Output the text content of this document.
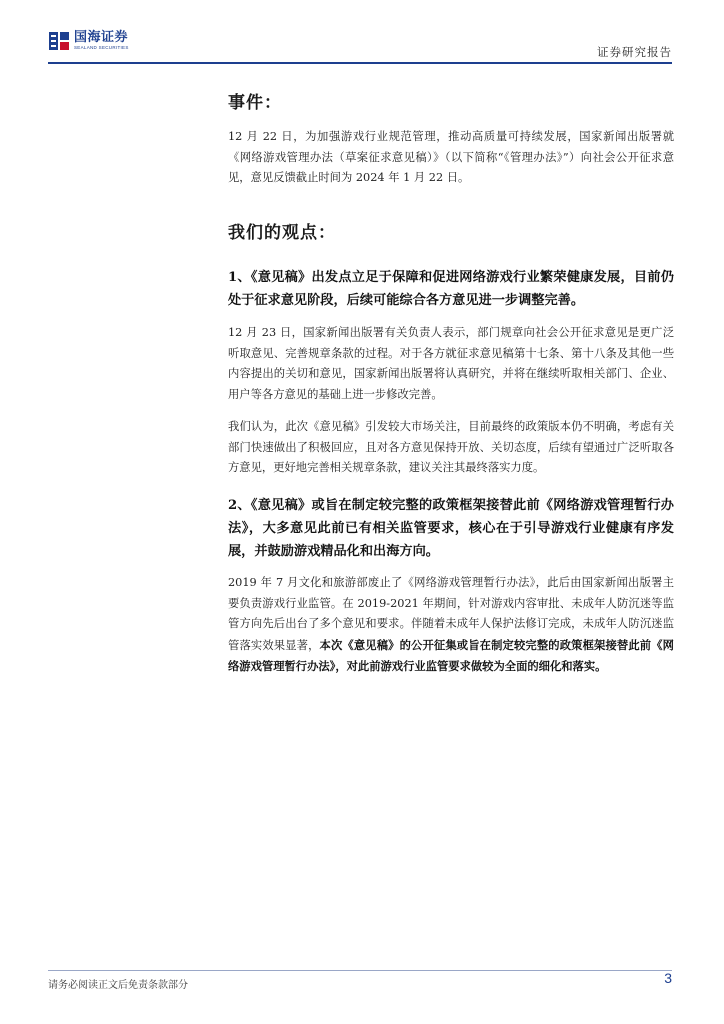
国海证券
SEALAND SECURITIES	证券研究报告
事件：
12 月 22 日，为加强游戏行业规范管理，推动高质量可持续发展，国家新闻出版署就《网络游戏管理办法（草案征求意见稿）》（以下简称“《管理办法》”）向社会公开征求意见，意见反馈截止时间为 2024 年 1 月 22 日。
我们的观点：
1、《意见稿》出发点立足于保障和促进网络游戏行业繁荣健康发展，目前仍处于征求意见阶段，后续可能综合各方意见进一步调整完善。
12 月 23 日，国家新闻出版署有关负责人表示，部门规章向社会公开征求意见是更广泛听取意见、完善规章条款的过程。对于各方就征求意见稿第十七条、第十八条及其他一些内容提出的关切和意见，国家新闻出版署将认真研究，并将在继续听取相关部门、企业、用户等各方意见的基础上进一步修改完善。
我们认为，此次《意见稿》引发较大市场关注，目前最终的政策版本仍不明确，考虑有关部门快速做出了积极回应，且对各方意见保持开放、关切态度，后续有望通过广泛听取各方意见，更好地完善相关规章条款，建议关注其最终落实力度。
2、《意见稿》或旨在制定较完整的政策框架接替此前《网络游戏管理暂行办法》，大多意见此前已有相关监管要求，核心在于引导游戏行业健康有序发展，并鼓励游戏精品化和出海方向。
2019 年 7 月文化和旅游部废止了《网络游戏管理暂行办法》，此后由国家新闻出版署主要负责游戏行业监管。在 2019-2021 年期间，针对游戏内容审批、未成年人防沉迷等监管方向先后出台了多个意见和要求。伴随着未成年人保护法修订完成，未成年人防沉迷监管落实效果显著，本次《意见稿》的公开征集或旨在制定较完整的政策框架接替此前《网络游戏管理暂行办法》，对此前游戏行业监管要求做较为全面的细化和落实。
请务必阅读正文后免责条款部分	3
